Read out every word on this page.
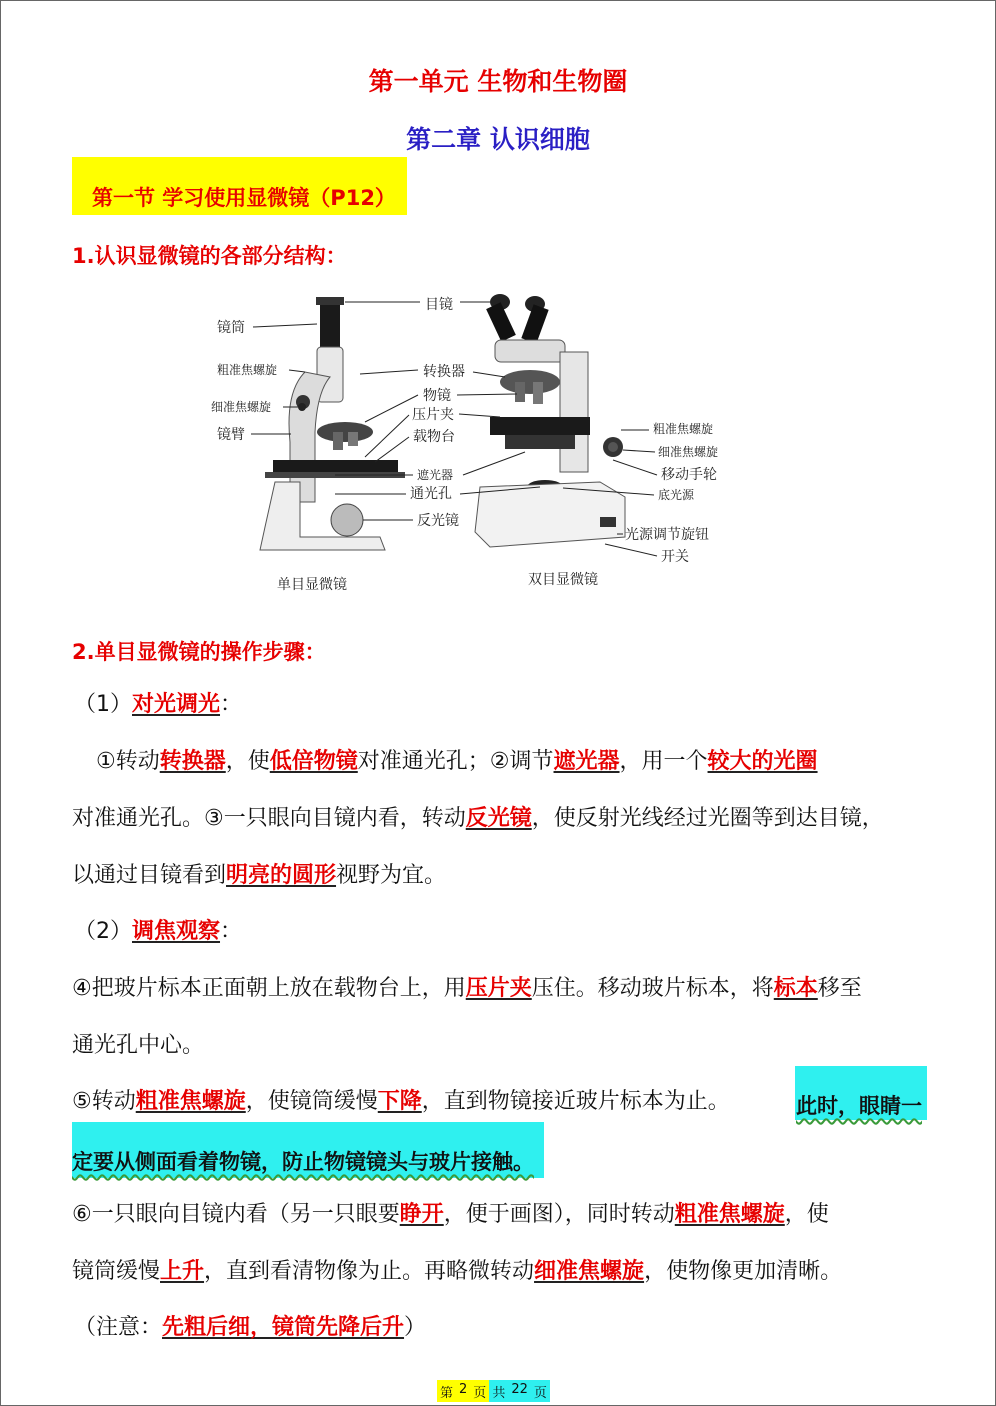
第一单元 生物和生物圈
第二章 认识细胞
第一节 学习使用显微镜（P12）
1.认识显微镜的各部分结构：
镜筒
粗准焦螺旋
细准焦螺旋
镜臂
目镜
转换器
物镜
压片夹
载物台
遮光器
通光孔
反光镜
粗准焦螺旋
细准焦螺旋
移动手轮
底光源
光源调节旋钮
开关
单目显微镜	双目显微镜
2.单目显微镜的操作步骤：
（1）对光调光：
①转动转换器，使低倍物镜对准通光孔；②调节遮光器，用一个较大的光圈
对准通光孔。③一只眼向目镜内看，转动反光镜，使反射光线经过光圈等到达目镜，
以通过目镜看到明亮的圆形视野为宜。
（2）调焦观察：
④把玻片标本正面朝上放在载物台上，用压片夹压住。移动玻片标本，将标本移至
通光孔中心。
⑤转动粗准焦螺旋，使镜筒缓慢下降，直到物镜接近玻片标本为止。	此时，眼睛一
定要从侧面看着物镜，防止物镜镜头与玻片接触。
⑥一只眼向目镜内看（另一只眼要睁开，便于画图），同时转动粗准焦螺旋，使
镜筒缓慢上升，直到看清物像为止。再略微转动细准焦螺旋，使物像更加清晰。
（注意：先粗后细，镜筒先降后升）
第 2 页 共 22 页
